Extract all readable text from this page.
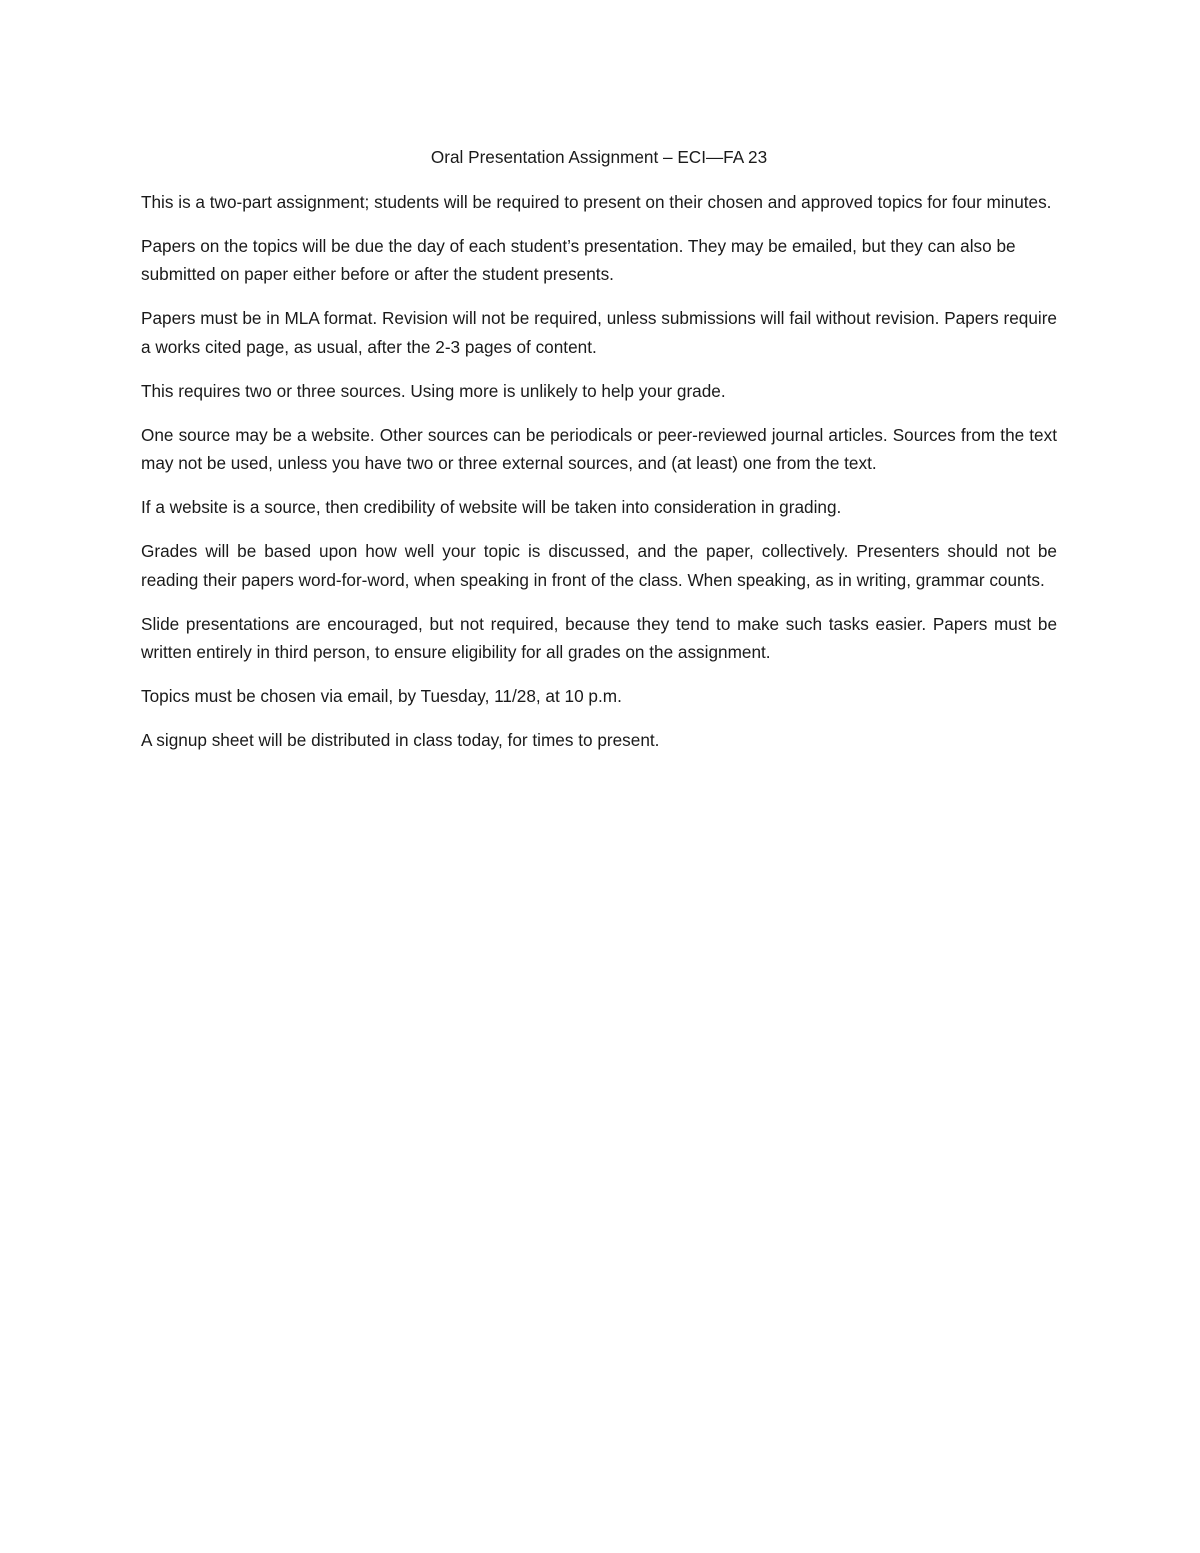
Oral Presentation Assignment – ECI—FA 23

This is a two-part assignment; students will be required to present on their chosen and approved topics for four minutes.

Papers on the topics will be due the day of each student’s presentation. They may be emailed, but they can also be submitted on paper either before or after the student presents.

Papers must be in MLA format. Revision will not be required, unless submissions will fail without revision. Papers require a works cited page, as usual, after the 2-3 pages of content.

This requires two or three sources. Using more is unlikely to help your grade.

One source may be a website. Other sources can be periodicals or peer-reviewed journal articles. Sources from the text may not be used, unless you have two or three external sources, and (at least) one from the text.

If a website is a source, then credibility of website will be taken into consideration in grading.

Grades will be based upon how well your topic is discussed, and the paper, collectively. Presenters should not be reading their papers word-for-word, when speaking in front of the class. When speaking, as in writing, grammar counts.

Slide presentations are encouraged, but not required, because they tend to make such tasks easier. Papers must be written entirely in third person, to ensure eligibility for all grades on the assignment.

Topics must be chosen via email, by Tuesday, 11/28, at 10 p.m.

A signup sheet will be distributed in class today, for times to present.
